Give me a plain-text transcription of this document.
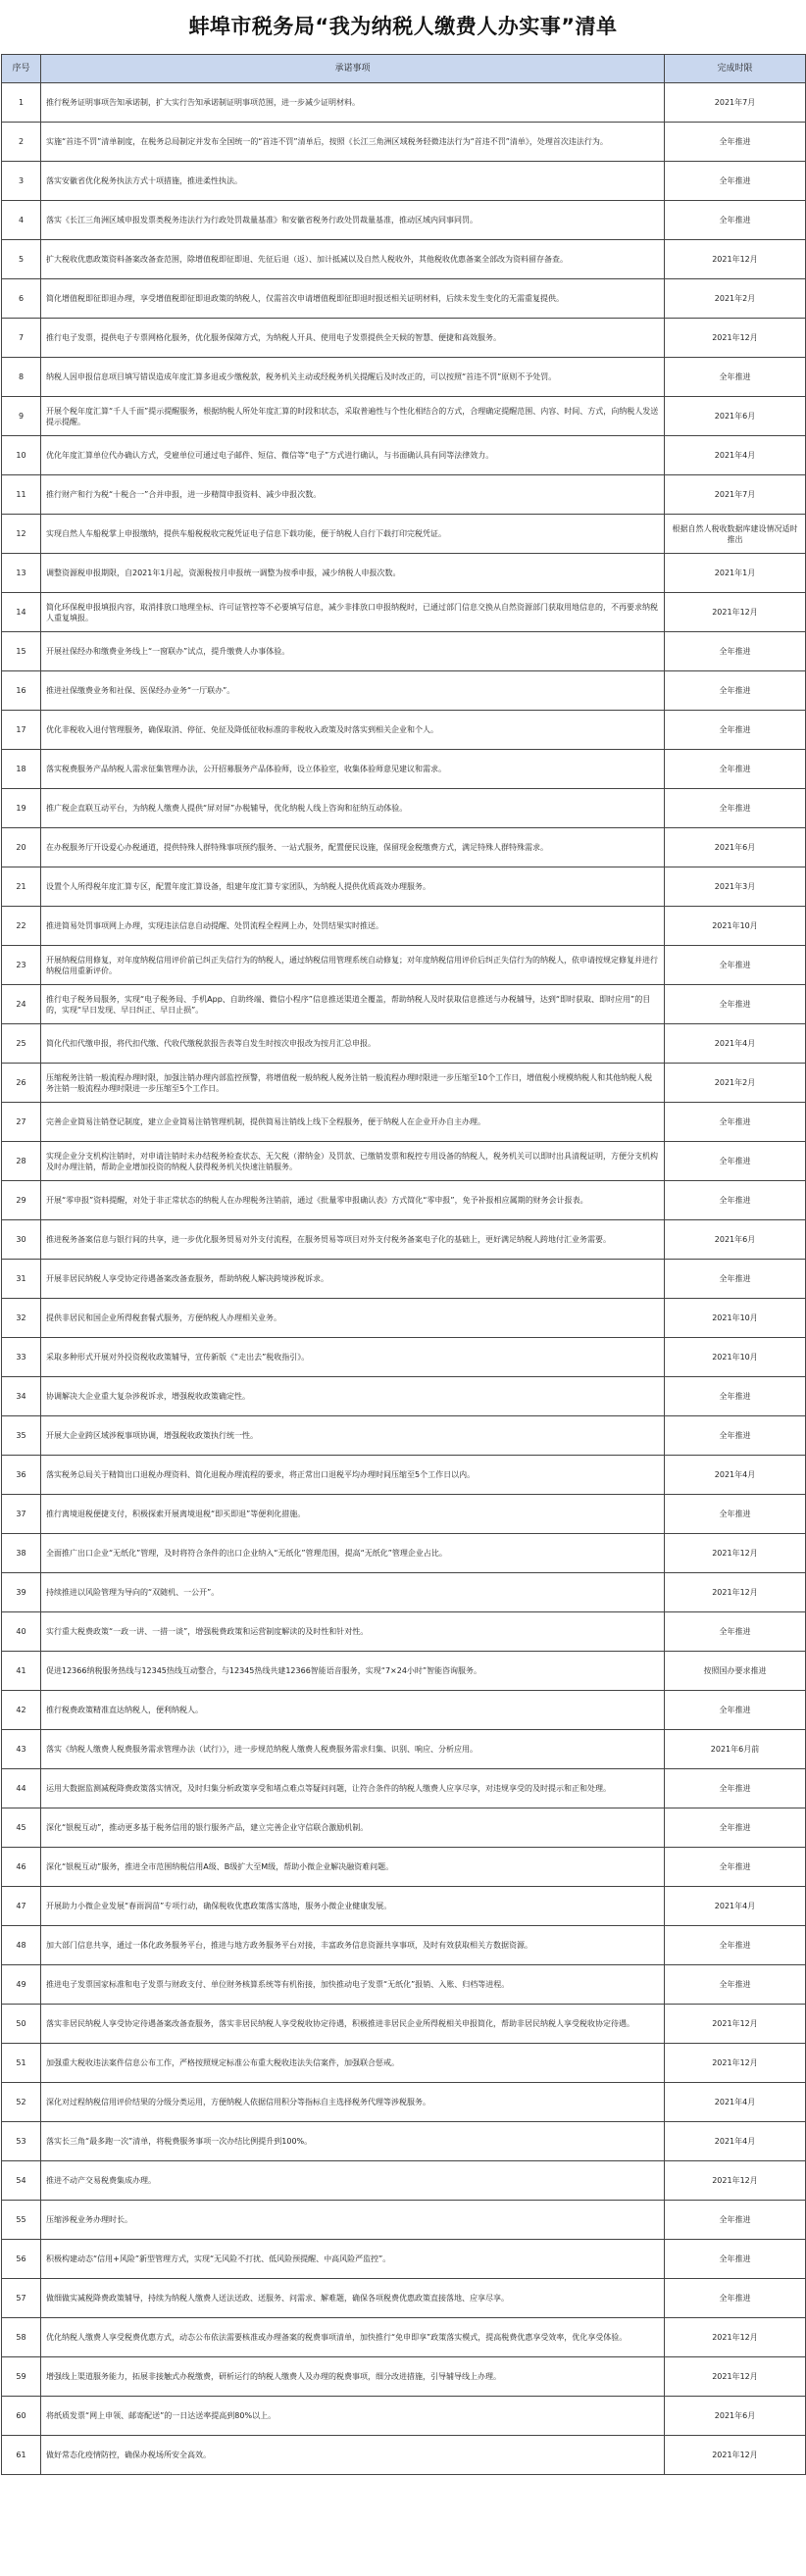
蚌埠市税务局“我为纳税人缴费人办实事”清单
序号	承诺事项	完成时限
1	推行税务证明事项告知承诺制，扩大实行告知承诺制证明事项范围，进一步减少证明材料。	2021年7月
2	实施“首违不罚”清单制度，在税务总局制定并发布全国统一的“首违不罚”清单后，按照《长江三角洲区域税务轻微违法行为“首违不罚”清单》，处理首次违法行为。	全年推进
3	落实安徽省优化税务执法方式十项措施，推进柔性执法。	全年推进
4	落实《长江三角洲区域申报发票类税务违法行为行政处罚裁量基准》和安徽省税务行政处罚裁量基准，推动区域内同事同罚。	全年推进
5	扩大税收优惠政策资料备案改备查范围，除增值税即征即退、先征后退（返）、加计抵减以及自然人税收外，其他税收优惠备案全部改为资料留存备查。	2021年12月
6	简化增值税即征即退办理，享受增值税即征即退政策的纳税人，仅需首次申请增值税即征即退时报送相关证明材料，后续未发生变化的无需重复提供。	2021年2月
7	推行电子发票，提供电子专票网格化服务，优化服务保障方式，为纳税人开具、使用电子发票提供全天候的智慧、便捷和高效服务。	2021年12月
8	纳税人因申报信息项目填写错误造成年度汇算多退或少缴税款，税务机关主动或经税务机关提醒后及时改正的，可以按照“首违不罚”原则不予处罚。	全年推进
9	开展个税年度汇算“千人千面”提示提醒服务，根据纳税人所处年度汇算的时段和状态，采取普遍性与个性化相结合的方式，合理确定提醒范围、内容、时间、方式，向纳税人发送提示提醒。	2021年6月
10	优化年度汇算单位代办确认方式，受雇单位可通过电子邮件、短信、微信等“电子”方式进行确认，与书面确认具有同等法律效力。	2021年4月
11	推行财产和行为税“十税合一”合并申报，进一步精简申报资料、减少申报次数。	2021年7月
12	实现自然人车船税掌上申报缴纳，提供车船税税收完税凭证电子信息下载功能，便于纳税人自行下载打印完税凭证。	根据自然人税收数据库建设情况适时推出
13	调整资源税申报期限，自2021年1月起，资源税按月申报统一调整为按季申报，减少纳税人申报次数。	2021年1月
14	简化环保税申报填报内容，取消排放口地理坐标、许可证管控等不必要填写信息，减少非排放口申报纳税时，已通过部门信息交换从自然资源部门获取用地信息的，不再要求纳税人重复填报。	2021年12月
15	开展社保经办和缴费业务线上“一窗联办”试点，提升缴费人办事体验。	全年推进
16	推进社保缴费业务和社保、医保经办业务“一厅联办”。	全年推进
17	优化非税收入退付管理服务，确保取消、停征、免征及降低征收标准的非税收入政策及时落实到相关企业和个人。	全年推进
18	落实税费服务产品纳税人需求征集管理办法，公开招募服务产品体验师，设立体验室，收集体验师意见建议和需求。	全年推进
19	推广税企直联互动平台，为纳税人缴费人提供“屏对屏”办税辅导，优化纳税人线上咨询和征纳互动体验。	全年推进
20	在办税服务厅开设爱心办税通道，提供特殊人群特殊事项预约服务、一站式服务，配置便民设施，保留现金税缴费方式，满足特殊人群特殊需求。	2021年6月
21	设置个人所得税年度汇算专区，配置年度汇算设备，组建年度汇算专家团队，为纳税人提供优质高效办理服务。	2021年3月
22	推进简易处罚事项网上办理，实现违法信息自动提醒、处罚流程全程网上办，处罚结果实时推送。	2021年10月
23	开展纳税信用修复，对年度纳税信用评价前已纠正失信行为的纳税人，通过纳税信用管理系统自动修复；对年度纳税信用评价后纠正失信行为的纳税人，依申请按规定修复并进行纳税信用重新评价。	全年推进
24	推行电子税务局服务，实现“电子税务局、手机App、自助终端、微信小程序”信息推送渠道全覆盖，帮助纳税人及时获取信息推送与办税辅导，达到“即时获取、即时应用”的目的，实现“早日发现、早日纠正、早日止损”。	全年推进
25	简化代扣代缴申报，将代扣代缴、代收代缴税款报告表等自发生时按次申报改为按月汇总申报。	2021年4月
26	压缩税务注销一般流程办理时限，加强注销办理内部监控预警，将增值税一般纳税人税务注销一般流程办理时限进一步压缩至10个工作日，增值税小规模纳税人和其他纳税人税务注销一般流程办理时限进一步压缩至5个工作日。	2021年2月
27	完善企业简易注销登记制度，建立企业简易注销管理机制，提供简易注销线上线下全程服务，便于纳税人在企业开办自主办理。	全年推进
28	实现企业分支机构注销时，对申请注销时未办结税务检查状态、无欠税（滞纳金）及罚款、已缴销发票和税控专用设备的纳税人，税务机关可以即时出具清税证明，方便分支机构及时办理注销，帮助企业增加投资的纳税人获得税务机关快速注销服务。	全年推进
29	开展“零申报”资料提醒，对处于非正常状态的纳税人在办理税务注销前，通过《批量零申报确认表》方式简化“零申报”，免予补报相应属期的财务会计报表。	全年推进
30	推进税务备案信息与银行间的共享，进一步优化服务贸易对外支付流程，在服务贸易等项目对外支付税务备案电子化的基础上，更好满足纳税人跨地付汇业务需要。	2021年6月
31	开展非居民纳税人享受协定待遇备案改备查服务，帮助纳税人解决跨境涉税诉求。	全年推进
32	提供非居民和国企业所得税套餐式服务，方便纳税人办理相关业务。	2021年10月
33	采取多种形式开展对外投资税收政策辅导，宣传新版《“走出去”税收指引》。	2021年10月
34	协调解决大企业重大复杂涉税诉求，增强税收政策确定性。	全年推进
35	开展大企业跨区域涉税事项协调，增强税收政策执行统一性。	全年推进
36	落实税务总局关于精简出口退税办理资料、简化退税办理流程的要求，将正常出口退税平均办理时间压缩至5个工作日以内。	2021年4月
37	推行离境退税便捷支付，积极探索开展离境退税“即买即退”等便利化措施。	全年推进
38	全面推广出口企业“无纸化”管理，及时将符合条件的出口企业纳入“无纸化”管理范围，提高“无纸化”管理企业占比。	2021年12月
39	持续推进以风险管理为导向的“双随机、一公开”。	2021年12月
40	实行重大税费政策“一政一讲、一措一谈”，增强税费政策和运营制度解读的及时性和针对性。	全年推进
41	促进12366纳税服务热线与12345热线互动整合，与12345热线共建12366智能语音服务，实现“7×24小时”智能咨询服务。	按照国办要求推进
42	推行税费政策精准直达纳税人，便利纳税人。	全年推进
43	落实《纳税人缴费人税费服务需求管理办法（试行）》，进一步规范纳税人缴费人税费服务需求归集、识别、响应、分析应用。	2021年6月前
44	运用大数据监测减税降费政策落实情况，及时归集分析政策享受和堵点难点等疑问问题，让符合条件的纳税人缴费人应享尽享，对违规享受的及时提示和正和处理。	全年推进
45	深化“银税互动”，推动更多基于税务信用的银行服务产品，建立完善企业守信联合激励机制。	全年推进
46	深化“银税互动”服务，推进全市范围纳税信用A级、B级扩大至M级，帮助小微企业解决融资难问题。	全年推进
47	开展助力小微企业发展“春雨润苗”专项行动，确保税收优惠政策落实落地，服务小微企业健康发展。	2021年4月
48	加大部门信息共享，通过一体化政务服务平台，推进与地方政务服务平台对接，丰富政务信息资源共享事项，及时有效获取相关方数据资源。	全年推进
49	推进电子发票国家标准和电子发票与财政支付、单位财务核算系统等有机衔接，加快推动电子发票“无纸化”报销、入账、归档等进程。	全年推进
50	落实非居民纳税人享受协定待遇备案改备查服务，落实非居民纳税人享受税收协定待遇，积极推进非居民企业所得税相关申报简化，帮助非居民纳税人享受税收协定待遇。	2021年12月
51	加强重大税收违法案件信息公布工作，严格按照规定标准公布重大税收违法失信案件，加强联合惩戒。	2021年12月
52	深化对过程纳税信用评价结果的分级分类运用，方便纳税人依据信用积分等指标自主选择税务代理等涉税服务。	2021年4月
53	落实长三角“最多跑一次”清单，将税费服务事项一次办结比例提升到100%。	2021年4月
54	推进不动产交易税费集成办理。	2021年12月
55	压缩涉税业务办理时长。	全年推进
56	积极构建动态“信用+风险”新型管理方式，实现“无风险不打扰、低风险预提醒、中高风险严监控”。	全年推进
57	做细做实减税降费政策辅导，持续为纳税人缴费人送法送政、送服务、问需求、解难题，确保各项税费优惠政策直接落地、应享尽享。	全年推进
58	优化纳税人缴费人享受税费优惠方式，动态公布依法需要核准或办理备案的税费事项清单，加快推行“免申即享”政策落实模式，提高税费优惠享受效率，优化享受体验。	2021年12月
59	增强线上渠道服务能力，拓展非接触式办税缴费，研析运行的纳税人缴费人及办理的税费事项，细分改进措施，引导辅导线上办理。	2021年12月
60	将纸质发票“网上申领、邮寄配送”的一日达送率提高到80%以上。	2021年6月
61	做好常态化疫情防控，确保办税场所安全高效。	2021年12月
